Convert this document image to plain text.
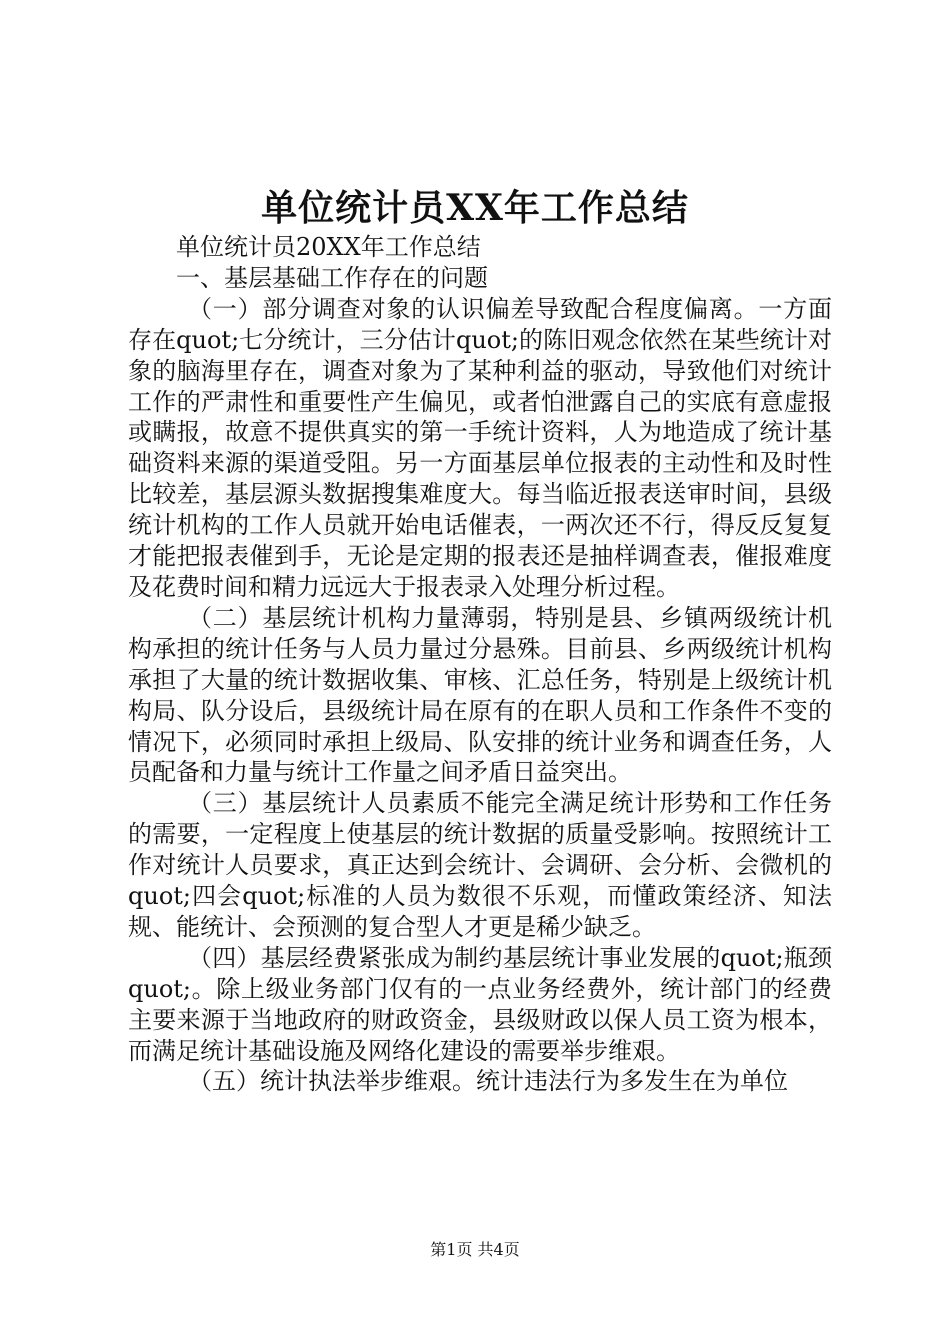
单位统计员XX年工作总结

单位统计员20XX年工作总结

一、基层基础工作存在的问题

（一）部分调查对象的认识偏差导致配合程度偏离。一方面存在quot;七分统计，三分估计quot;的陈旧观念依然在某些统计对象的脑海里存在，调查对象为了某种利益的驱动，导致他们对统计工作的严肃性和重要性产生偏见，或者怕泄露自己的实底有意虚报或瞒报，故意不提供真实的第一手统计资料，人为地造成了统计基础资料来源的渠道受阻。另一方面基层单位报表的主动性和及时性比较差，基层源头数据搜集难度大。每当临近报表送审时间，县级统计机构的工作人员就开始电话催表，一两次还不行，得反反复复才能把报表催到手，无论是定期的报表还是抽样调查表，催报难度及花费时间和精力远远大于报表录入处理分析过程。

（二）基层统计机构力量薄弱，特别是县、乡镇两级统计机构承担的统计任务与人员力量过分悬殊。目前县、乡两级统计机构承担了大量的统计数据收集、审核、汇总任务，特别是上级统计机构局、队分设后，县级统计局在原有的在职人员和工作条件不变的情况下，必须同时承担上级局、队安排的统计业务和调查任务，人员配备和力量与统计工作量之间矛盾日益突出。

（三）基层统计人员素质不能完全满足统计形势和工作任务的需要，一定程度上使基层的统计数据的质量受影响。按照统计工作对统计人员要求，真正达到会统计、会调研、会分析、会微机的quot;四会quot;标准的人员为数很不乐观，而懂政策经济、知法规、能统计、会预测的复合型人才更是稀少缺乏。

（四）基层经费紧张成为制约基层统计事业发展的quot;瓶颈quot;。除上级业务部门仅有的一点业务经费外，统计部门的经费主要来源于当地政府的财政资金，县级财政以保人员工资为根本，而满足统计基础设施及网络化建设的需要举步维艰。

（五）统计执法举步维艰。统计违法行为多发生在为单位

第1页 共4页
